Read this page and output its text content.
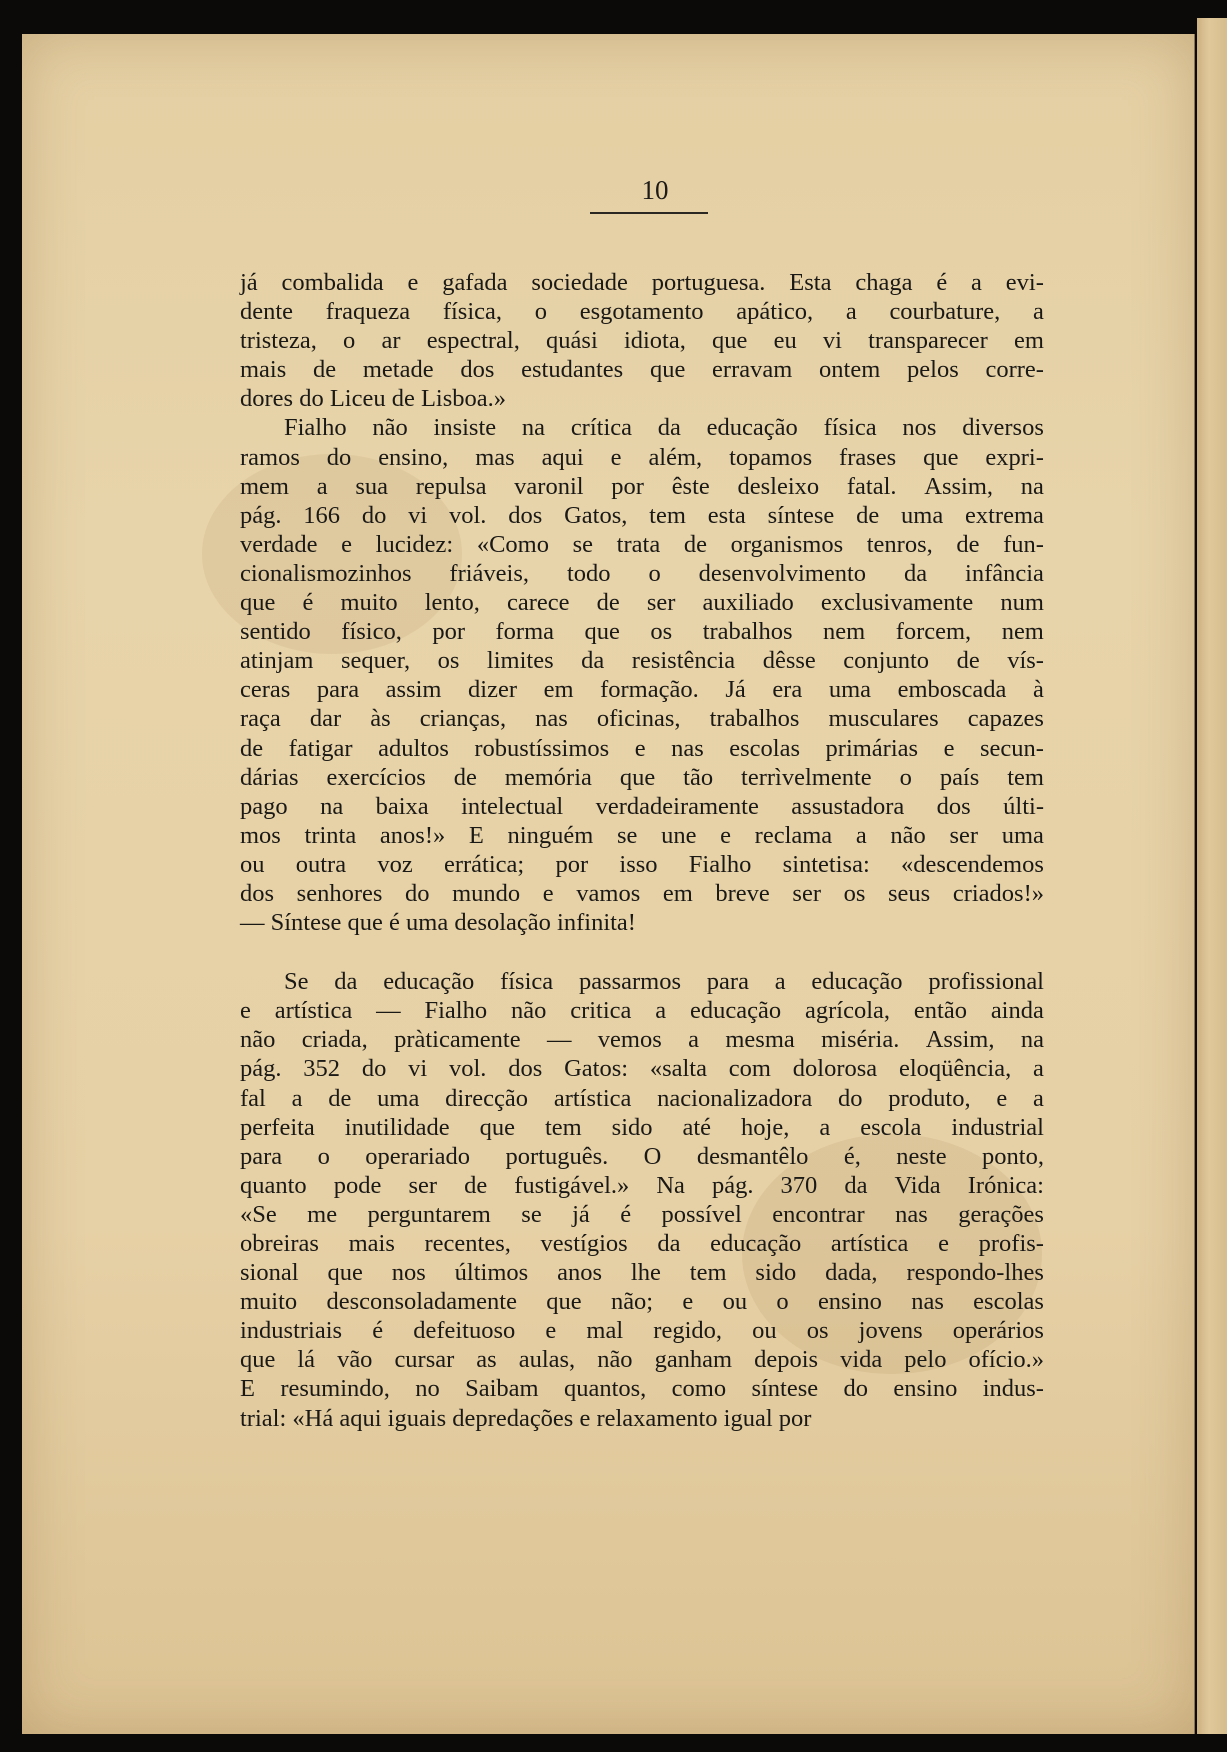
10
já combalida e gafada sociedade portuguesa. Esta chaga é a evi-
dente fraqueza física, o esgotamento apático, a courbature, a
tristeza, o ar espectral, quási idiota, que eu vi transparecer em
mais de metade dos estudantes que erravam ontem pelos corre-
dores do Liceu de Lisboa.»
Fialho não insiste na crítica da educação física nos diversos
ramos do ensino, mas aqui e além, topamos frases que expri-
mem a sua repulsa varonil por êste desleixo fatal. Assim, na
pág. 166 do vi vol. dos Gatos, tem esta síntese de uma extrema
verdade e lucidez: «Como se trata de organismos tenros, de fun-
cionalismozinhos friáveis, todo o desenvolvimento da infância
que é muito lento, carece de ser auxiliado exclusivamente num
sentido físico, por forma que os trabalhos nem forcem, nem
atinjam sequer, os limites da resistência dêsse conjunto de vís-
ceras para assim dizer em formação. Já era uma emboscada à
raça dar às crianças, nas oficinas, trabalhos musculares capazes
de fatigar adultos robustíssimos e nas escolas primárias e secun-
dárias exercícios de memória que tão terrìvelmente o país tem
pago na baixa intelectual verdadeiramente assustadora dos últi-
mos trinta anos!» E ninguém se une e reclama a não ser uma
ou outra voz errática; por isso Fialho sintetisa: «descendemos
dos senhores do mundo e vamos em breve ser os seus criados!»
— Síntese que é uma desolação infinita!
Se da educação física passarmos para a educação profissional
e artística — Fialho não critica a educação agrícola, então ainda
não criada, pràticamente — vemos a mesma miséria. Assim, na
pág. 352 do vi vol. dos Gatos: «salta com dolorosa eloqüência, a
fal a de uma direcção artística nacionalizadora do produto, e a
perfeita inutilidade que tem sido até hoje, a escola industrial
para o operariado português. O desmantêlo é, neste ponto,
quanto pode ser de fustigável.» Na pág. 370 da Vida Irónica:
«Se me perguntarem se já é possível encontrar nas gerações
obreiras mais recentes, vestígios da educação artística e profis-
sional que nos últimos anos lhe tem sido dada, respondo-lhes
muito desconsoladamente que não; e ou o ensino nas escolas
industriais é defeituoso e mal regido, ou os jovens operários
que lá vão cursar as aulas, não ganham depois vida pelo ofício.»
E resumindo, no Saibam quantos, como síntese do ensino indus-
trial: «Há aqui iguais depredações e relaxamento igual por
